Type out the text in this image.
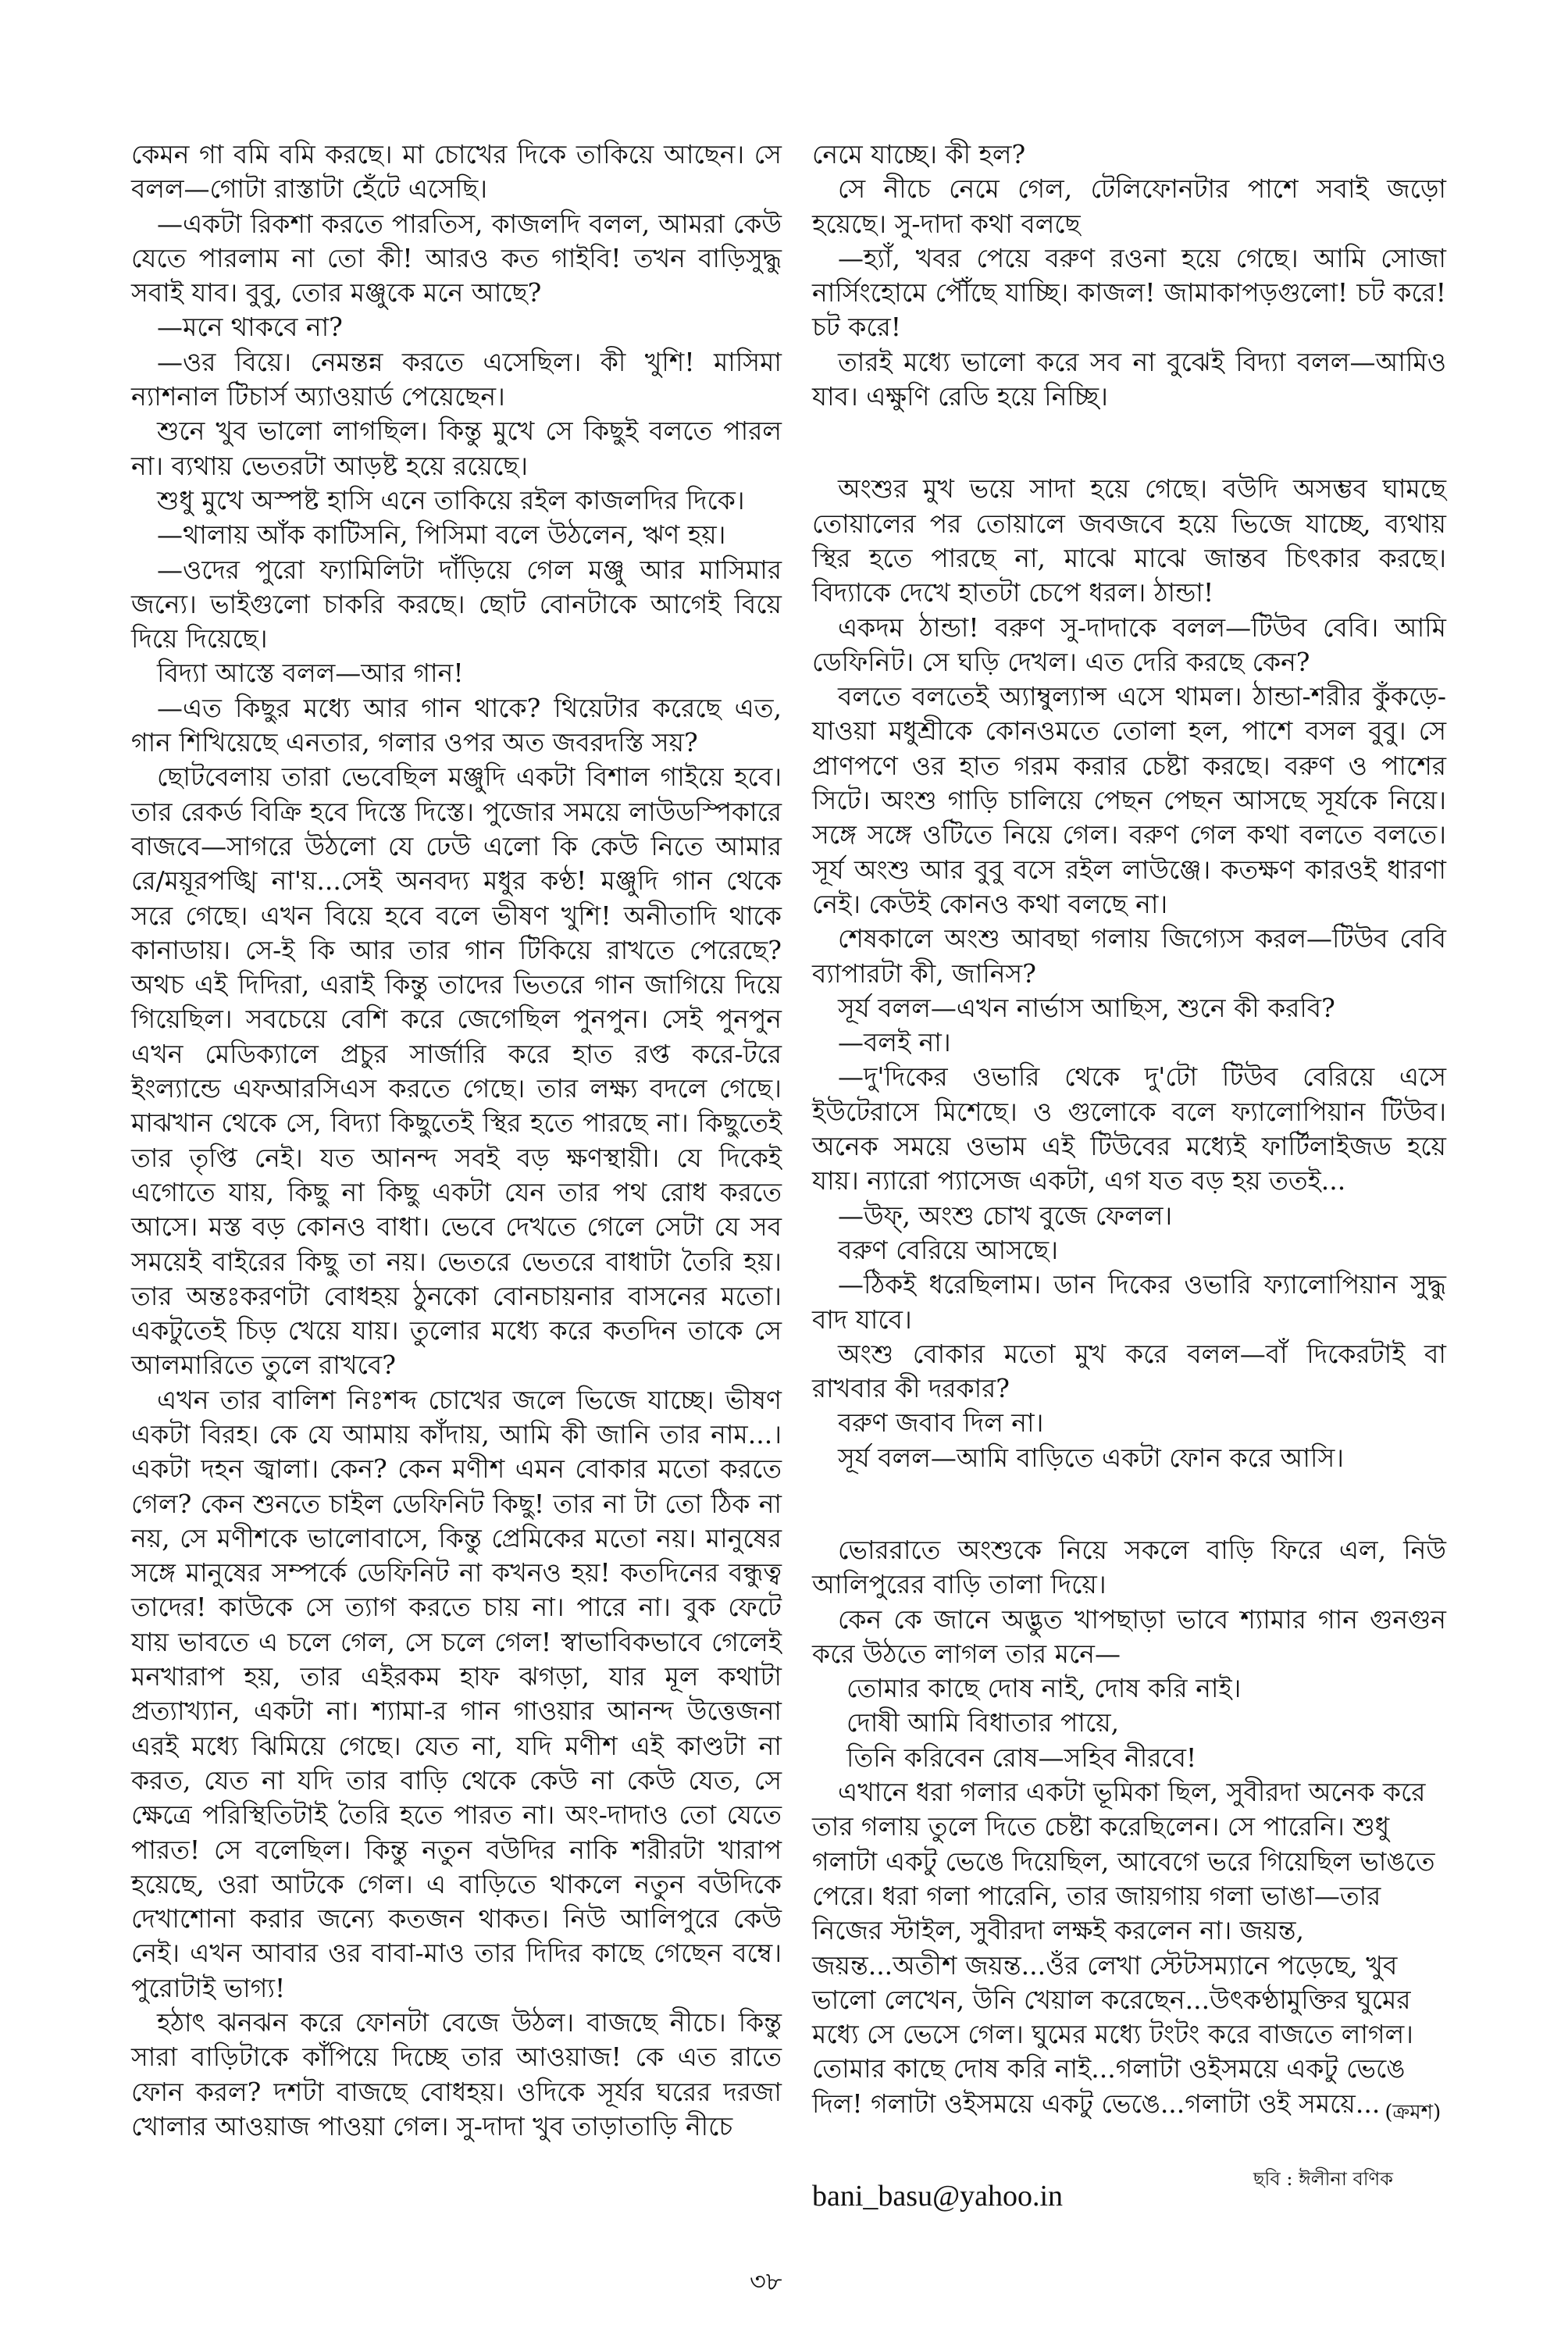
কেমন গা বমি বমি করছে। মা চোখের দিকে তাকিয়ে আছেন। সে বলল—গোটা রাস্তাটা হেঁটে এসেছি।

—একটা রিকশা করতে পারতিস, কাজলদি বলল, আমরা কেউ যেতে পারলাম না তো কী! আরও কত গাইবি! তখন বাড়িসুদ্ধু সবাই যাব। বুবু, তোর মঞ্জুকে মনে আছে?

—মনে থাকবে না?

—ওর বিয়ে। নেমন্তন্ন করতে এসেছিল। কী খুশি! মাসিমা ন্যাশনাল টিচার্স অ্যাওয়ার্ড পেয়েছেন।

শুনে খুব ভালো লাগছিল। কিন্তু মুখে সে কিছুই বলতে পারল না। ব্যথায় ভেতরটা আড়ষ্ট হয়ে রয়েছে।

শুধু মুখে অস্পষ্ট হাসি এনে তাকিয়ে রইল কাজলদির দিকে।

—থালায় আঁক কাটিসনি, পিসিমা বলে উঠলেন, ঋণ হয়।

—ওদের পুরো ফ্যামিলিটা দাঁড়িয়ে গেল মঞ্জু আর মাসিমার জন্যে। ভাইগুলো চাকরি করছে। ছোট বোনটাকে আগেই বিয়ে দিয়ে দিয়েছে।

বিদ্যা আস্তে বলল—আর গান!

—এত কিছুর মধ্যে আর গান থাকে? থিয়েটার করেছে এত, গান শিখিয়েছে এনতার, গলার ওপর অত জবরদস্তি সয়?

ছোটবেলায় তারা ভেবেছিল মঞ্জুদি একটা বিশাল গাইয়ে হবে। তার রেকর্ড বিক্রি হবে দিস্তে দিস্তে। পুজোর সময়ে লাউডস্পিকারে বাজবে—সাগরে উঠলো যে ঢেউ এলো কি কেউ নিতে আমার রে/ময়ূরপঙ্খি না'য়...সেই অনবদ্য মধুর কণ্ঠ! মঞ্জুদি গান থেকে সরে গেছে। এখন বিয়ে হবে বলে ভীষণ খুশি! অনীতাদি থাকে কানাডায়। সে-ই কি আর তার গান টিকিয়ে রাখতে পেরেছে? অথচ এই দিদিরা, এরাই কিন্তু তাদের ভিতরে গান জাগিয়ে দিয়ে গিয়েছিল। সবচেয়ে বেশি করে জেগেছিল পুনপুন। সেই পুনপুন এখন মেডিক্যালে প্রচুর সার্জারি করে হাত রপ্ত করে-টরে ইংল্যান্ডে এফআরসিএস করতে গেছে। তার লক্ষ্য বদলে গেছে। মাঝখান থেকে সে, বিদ্যা কিছুতেই স্থির হতে পারছে না। কিছুতেই তার তৃপ্তি নেই। যত আনন্দ সবই বড় ক্ষণস্থায়ী। যে দিকেই এগোতে যায়, কিছু না কিছু একটা যেন তার পথ রোধ করতে আসে। মস্ত বড় কোনও বাধা। ভেবে দেখতে গেলে সেটা যে সব সময়েই বাইরের কিছু তা নয়। ভেতরে ভেতরে বাধাটা তৈরি হয়। তার অন্তঃকরণটা বোধহয় ঠুনকো বোনচায়নার বাসনের মতো। একটুতেই চিড় খেয়ে যায়। তুলোর মধ্যে করে কতদিন তাকে সে আলমারিতে তুলে রাখবে?

এখন তার বালিশ নিঃশব্দ চোখের জলে ভিজে যাচ্ছে। ভীষণ একটা বিরহ। কে যে আমায় কাঁদায়, আমি কী জানি তার নাম...। একটা দহন জ্বালা। কেন? কেন মণীশ এমন বোকার মতো করতে গেল? কেন শুনতে চাইল ডেফিনিট কিছু! তার না টা তো ঠিক না নয়, সে মণীশকে ভালোবাসে, কিন্তু প্রেমিকের মতো নয়। মানুষের সঙ্গে মানুষের সম্পর্কে ডেফিনিট না কখনও হয়! কতদিনের বন্ধুত্ব তাদের! কাউকে সে ত্যাগ করতে চায় না। পারে না। বুক ফেটে যায় ভাবতে এ চলে গেল, সে চলে গেল! স্বাভাবিকভাবে গেলেই মনখারাপ হয়, তার এইরকম হাফ ঝগড়া, যার মূল কথাটা প্রত্যাখ্যান, একটা না। শ্যামা-র গান গাওয়ার আনন্দ উত্তেজনা এরই মধ্যে ঝিমিয়ে গেছে। যেত না, যদি মণীশ এই কাণ্ডটা না করত, যেত না যদি তার বাড়ি থেকে কেউ না কেউ যেত, সে ক্ষেত্রে পরিস্থিতিটাই তৈরি হতে পারত না। অং-দাদাও তো যেতে পারত! সে বলেছিল। কিন্তু নতুন বউদির নাকি শরীরটা খারাপ হয়েছে, ওরা আটকে গেল। এ বাড়িতে থাকলে নতুন বউদিকে দেখাশোনা করার জন্যে কতজন থাকত। নিউ আলিপুরে কেউ নেই। এখন আবার ওর বাবা-মাও তার দিদির কাছে গেছেন বম্বে। পুরোটাই ভাগ্য!

হঠাৎ ঝনঝন করে ফোনটা বেজে উঠল। বাজছে নীচে। কিন্তু সারা বাড়িটাকে কাঁপিয়ে দিচ্ছে তার আওয়াজ! কে এত রাতে ফোন করল? দশটা বাজছে বোধহয়। ওদিকে সূর্যর ঘরের দরজা খোলার আওয়াজ পাওয়া গেল। সু-দাদা খুব তাড়াতাড়ি নীচে

নেমে যাচ্ছে। কী হল?

সে নীচে নেমে গেল, টেলিফোনটার পাশে সবাই জড়ো হয়েছে। সু-দাদা কথা বলছে

—হ্যাঁ, খবর পেয়ে বরুণ রওনা হয়ে গেছে। আমি সোজা নার্সিংহোমে পৌঁছে যাচ্ছি। কাজল! জামাকাপড়গুলো! চট করে! চট করে!

তারই মধ্যে ভালো করে সব না বুঝেই বিদ্যা বলল—আমিও যাব। এক্ষুণি রেডি হয়ে নিচ্ছি।

অংশুর মুখ ভয়ে সাদা হয়ে গেছে। বউদি অসম্ভব ঘামছে তোয়ালের পর তোয়ালে জবজবে হয়ে ভিজে যাচ্ছে, ব্যথায় স্থির হতে পারছে না, মাঝে মাঝে জান্তব চিৎকার করছে। বিদ্যাকে দেখে হাতটা চেপে ধরল। ঠান্ডা!

একদম ঠান্ডা! বরুণ সু-দাদাকে বলল—টিউব বেবি। আমি ডেফিনিট। সে ঘড়ি দেখল। এত দেরি করছে কেন?

বলতে বলতেই অ্যাম্বুল্যান্স এসে থামল। ঠান্ডা-শরীর কুঁকড়ে-যাওয়া মধুশ্রীকে কোনওমতে তোলা হল, পাশে বসল বুবু। সে প্রাণপণে ওর হাত গরম করার চেষ্টা করছে। বরুণ ও পাশের সিটে। অংশু গাড়ি চালিয়ে পেছন পেছন আসছে সূর্যকে নিয়ে। সঙ্গে সঙ্গে ওটিতে নিয়ে গেল। বরুণ গেল কথা বলতে বলতে। সূর্য অংশু আর বুবু বসে রইল লাউঞ্জে। কতক্ষণ কারওই ধারণা নেই। কেউই কোনও কথা বলছে না।

শেষকালে অংশু আবছা গলায় জিগ্যেস করল—টিউব বেবি ব্যাপারটা কী, জানিস?

সূর্য বলল—এখন নার্ভাস আছিস, শুনে কী করবি?

—বলই না।

—দু'দিকের ওভারি থেকে দু'টো টিউব বেরিয়ে এসে ইউটেরাসে মিশেছে। ও গুলোকে বলে ফ্যালোপিয়ান টিউব। অনেক সময়ে ওভাম এই টিউবের মধ্যেই ফার্টিলাইজড হয়ে যায়। ন্যারো প্যাসেজ একটা, এগ যত বড় হয় ততই...

—উফ্‌, অংশু চোখ বুজে ফেলল।

বরুণ বেরিয়ে আসছে।

—ঠিকই ধরেছিলাম। ডান দিকের ওভারি ফ্যালোপিয়ান সুদ্ধু বাদ যাবে।

অংশু বোকার মতো মুখ করে বলল—বাঁ দিকেরটাই বা রাখবার কী দরকার?

বরুণ জবাব দিল না।

সূর্য বলল—আমি বাড়িতে একটা ফোন করে আসি।

ভোররাতে অংশুকে নিয়ে সকলে বাড়ি ফিরে এল, নিউ আলিপুরের বাড়ি তালা দিয়ে।

কেন কে জানে অদ্ভুত খাপছাড়া ভাবে শ্যামার গান গুনগুন করে উঠতে লাগল তার মনে—

তোমার কাছে দোষ নাই, দোষ করি নাই।

দোষী আমি বিধাতার পায়ে,

তিনি করিবেন রোষ—সহিব নীরবে!

এখানে ধরা গলার একটা ভূমিকা ছিল, সুবীরদা অনেক করে তার গলায় তুলে দিতে চেষ্টা করেছিলেন। সে পারেনি। শুধু গলাটা একটু ভেঙে দিয়েছিল, আবেগে ভরে গিয়েছিল ভাঙতে পেরে। ধরা গলা পারেনি, তার জায়গায় গলা ভাঙা—তার নিজের স্টাইল, সুবীরদা লক্ষই করলেন না। জয়ন্ত, জয়ন্ত...অতীশ জয়ন্ত...ওঁর লেখা স্টেটসম্যানে পড়েছে, খুব ভালো লেখেন, উনি খেয়াল করেছেন...উৎকণ্ঠামুক্তির ঘুমের মধ্যে সে ভেসে গেল। ঘুমের মধ্যে টংটং করে বাজতে লাগল। তোমার কাছে দোষ করি নাই...গলাটা ওইসময়ে একটু ভেঙে দিল! গলাটা ওইসময়ে একটু ভেঙে...গলাটা ওই সময়ে... $_{(ক্রমশ)}$

bani_basu@yahoo.in
ছবি : ঈলীনা বণিক
৩৮
